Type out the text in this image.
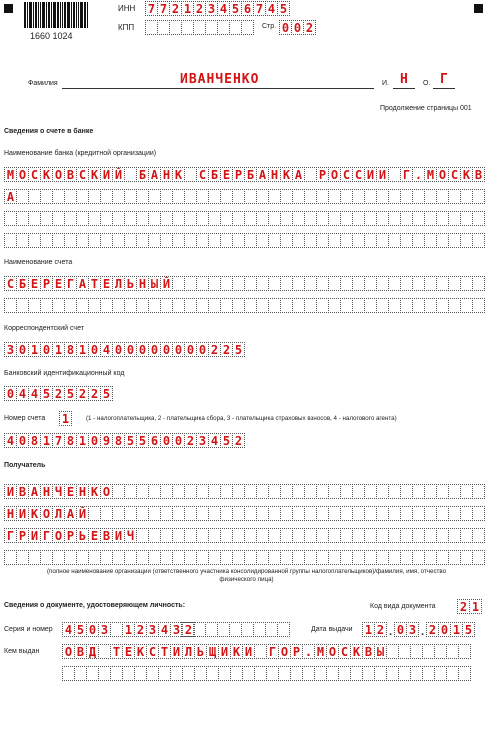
1660 1024
ИНН 7 7 2 1 2 3 4 5 6 7 4 5
КПП	Стр. 0 0 2
Фамилия	ИВАНЧЕНКО	И. Н О. Г
Продолжение страницы 001
Сведения о счете в банке
Наименование банка (кредитной организации)
М О С К О В С К И Й Б А Н К С Б Е Р Б А Н К А Р О С С И И Г . М О С К В
А
Наименование счета
С Б Е Р Е Г А Т Е Л Ь Н Ы Й
Корреспондентский счет
3 0 1 0 1 8 1 0 4 0 0 0 0 0 0 0 0 2 2 5
Банковский идентификационный код
0 4 4 5 2 5 2 2 5
Номер счета 1	(1 - налогоплательщика, 2 - плательщика сбора, 3 - плательщика страховых взносов, 4 - налогового агента)
4 0 8 1 7 8 1 0 9 8 5 5 6 0 0 2 3 4 5 2
Получатель
И В А Н Ч Е Н К О
Н И К О Л А Й
Г Р И Г О Р Ь Е В И Ч
(полное наименование организации (ответственного участника консолидированной группы налогоплательщиков)/фамилия, имя, отчество
физического лица)
Сведения о документе, удостоверяющем личность:	Код вида документа 2 1
Серия и номер 4 5 0 3 1 2 3 4 3 2	Дата выдачи 1 2 . 0 3 . 2 0 1 5
Кем выдан О В Д Т Е К С Т И Л Ь Щ И К И Г О Р . М О С К В Ы
